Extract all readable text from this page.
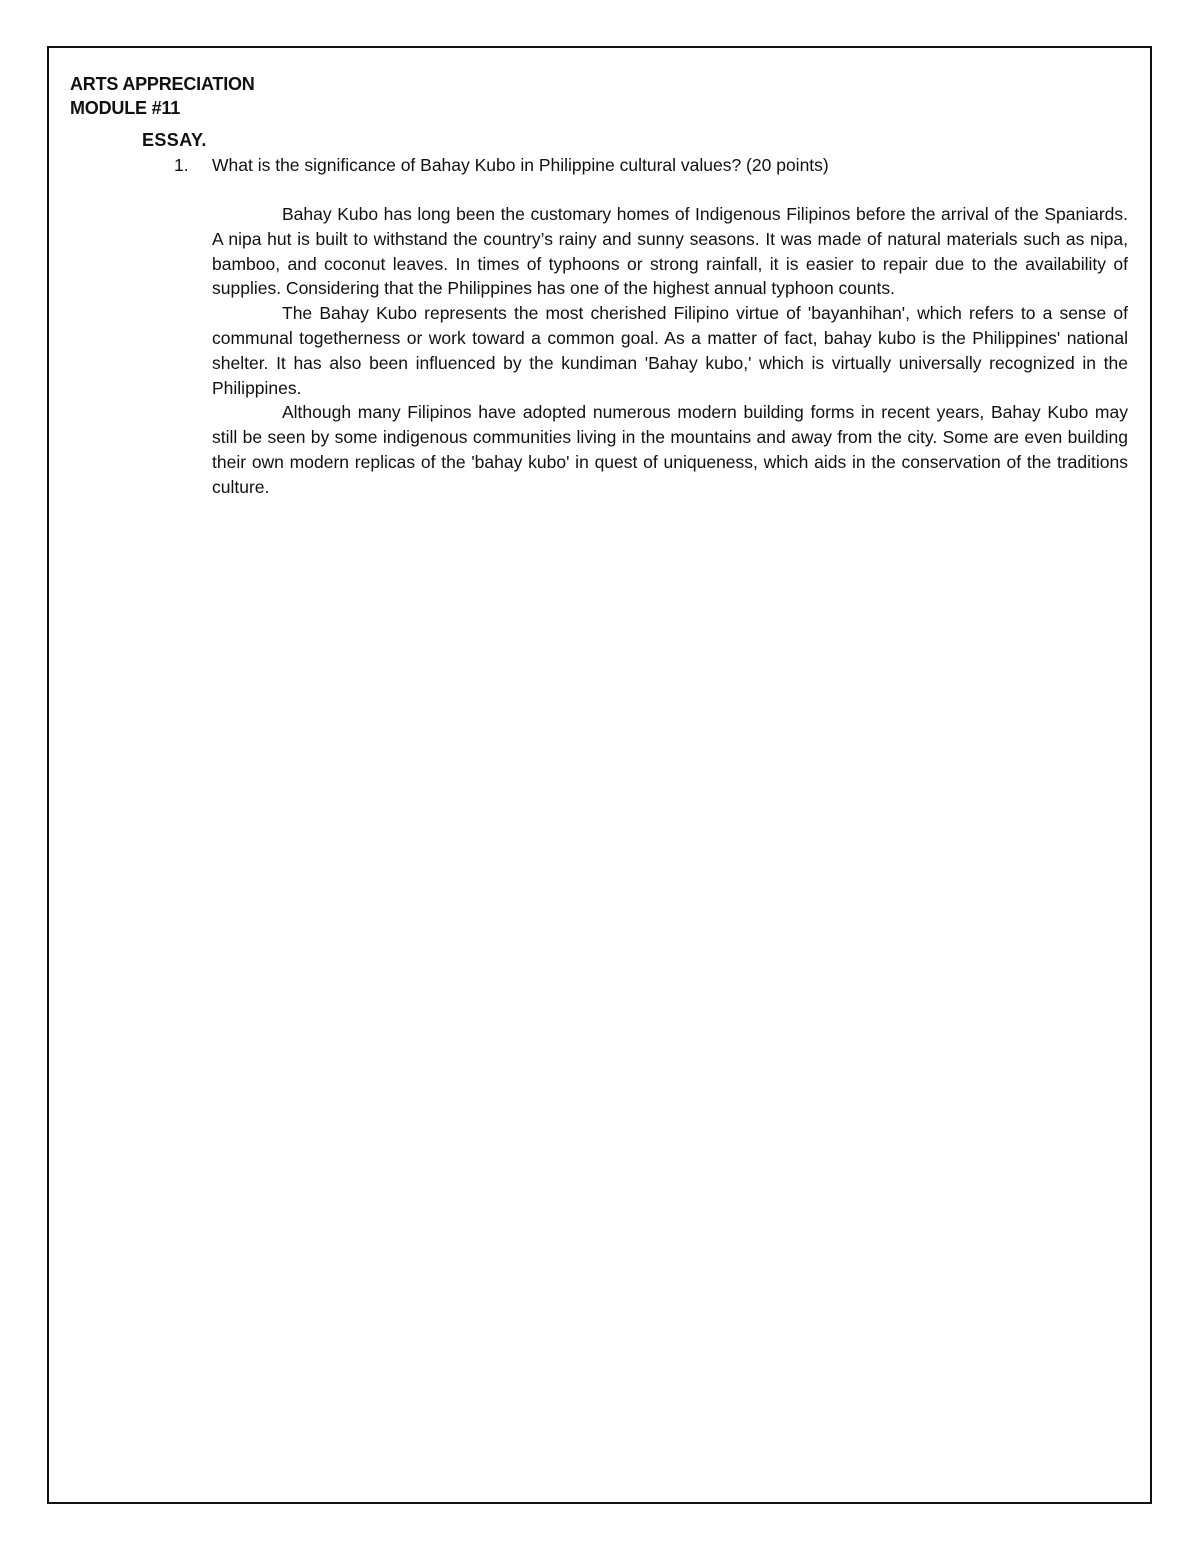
ARTS APPRECIATION
MODULE #11
ESSAY.
1. What is the significance of Bahay Kubo in Philippine cultural values? (20 points)

Bahay Kubo has long been the customary homes of Indigenous Filipinos before the arrival of the Spaniards. A nipa hut is built to withstand the country’s rainy and sunny seasons. It was made of natural materials such as nipa, bamboo, and coconut leaves. In times of typhoons or strong rainfall, it is easier to repair due to the availability of supplies. Considering that the Philippines has one of the highest annual typhoon counts.

The Bahay Kubo represents the most cherished Filipino virtue of 'bayanhihan', which refers to a sense of communal togetherness or work toward a common goal. As a matter of fact, bahay kubo is the Philippines' national shelter. It has also been influenced by the kundiman 'Bahay kubo,' which is virtually universally recognized in the Philippines.

Although many Filipinos have adopted numerous modern building forms in recent years, Bahay Kubo may still be seen by some indigenous communities living in the mountains and away from the city. Some are even building their own modern replicas of the 'bahay kubo' in quest of uniqueness, which aids in the conservation of the traditions culture.
